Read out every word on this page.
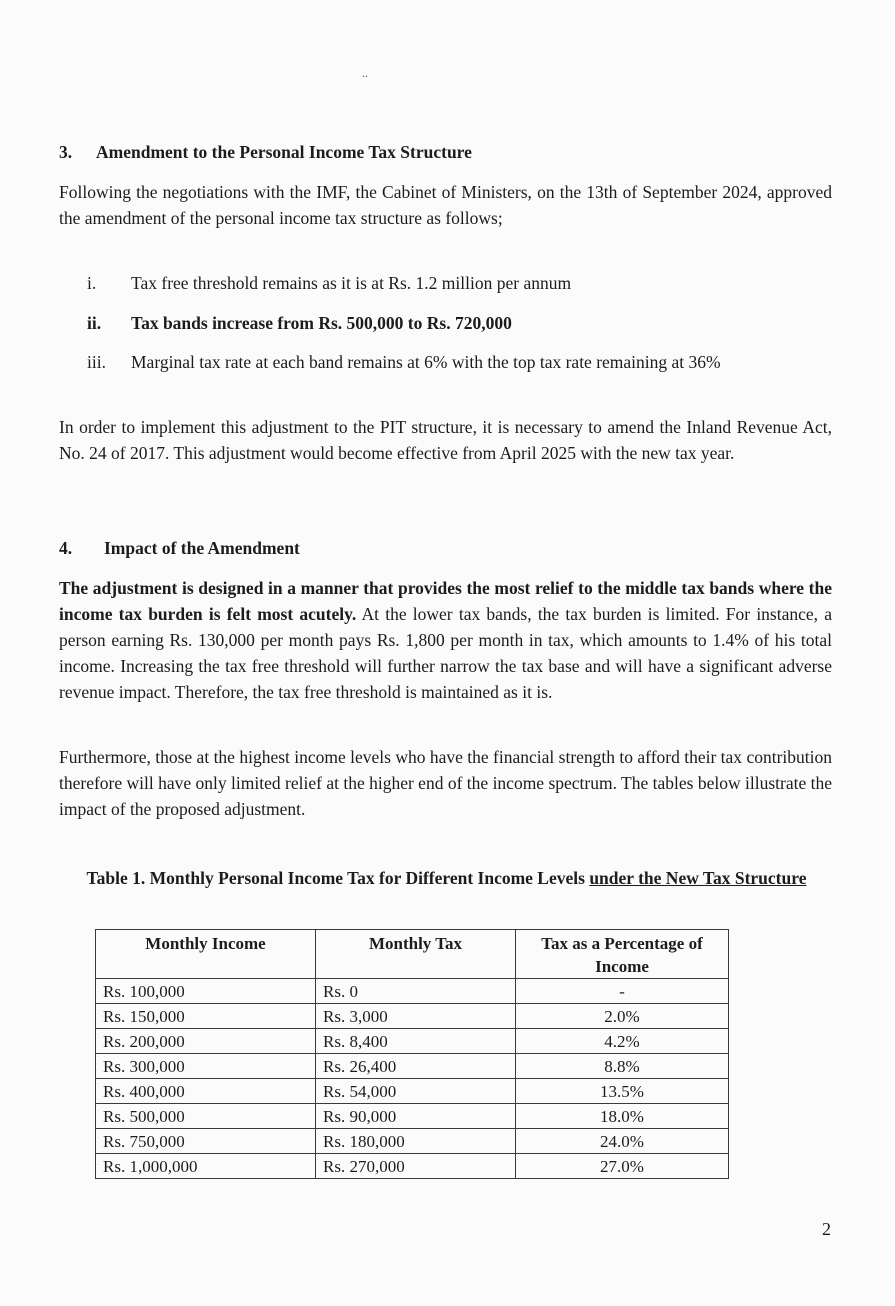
..
3. Amendment to the Personal Income Tax Structure
Following the negotiations with the IMF, the Cabinet of Ministers, on the 13th of September 2024, approved the amendment of the personal income tax structure as follows;
i. Tax free threshold remains as it is at Rs. 1.2 million per annum
ii. Tax bands increase from Rs. 500,000 to Rs. 720,000
iii. Marginal tax rate at each band remains at 6% with the top tax rate remaining at 36%
In order to implement this adjustment to the PIT structure, it is necessary to amend the Inland Revenue Act, No. 24 of 2017. This adjustment would become effective from April 2025 with the new tax year.
4. Impact of the Amendment
The adjustment is designed in a manner that provides the most relief to the middle tax bands where the income tax burden is felt most acutely. At the lower tax bands, the tax burden is limited. For instance, a person earning Rs. 130,000 per month pays Rs. 1,800 per month in tax, which amounts to 1.4% of his total income. Increasing the tax free threshold will further narrow the tax base and will have a significant adverse revenue impact. Therefore, the tax free threshold is maintained as it is.
Furthermore, those at the highest income levels who have the financial strength to afford their tax contribution therefore will have only limited relief at the higher end of the income spectrum. The tables below illustrate the impact of the proposed adjustment.
Table 1. Monthly Personal Income Tax for Different Income Levels under the New Tax Structure
Monthly Income	Monthly Tax	Tax as a Percentage of Income
Rs. 100,000	Rs. 0	-
Rs. 150,000	Rs. 3,000	2.0%
Rs. 200,000	Rs. 8,400	4.2%
Rs. 300,000	Rs. 26,400	8.8%
Rs. 400,000	Rs. 54,000	13.5%
Rs. 500,000	Rs. 90,000	18.0%
Rs. 750,000	Rs. 180,000	24.0%
Rs. 1,000,000	Rs. 270,000	27.0%
2
